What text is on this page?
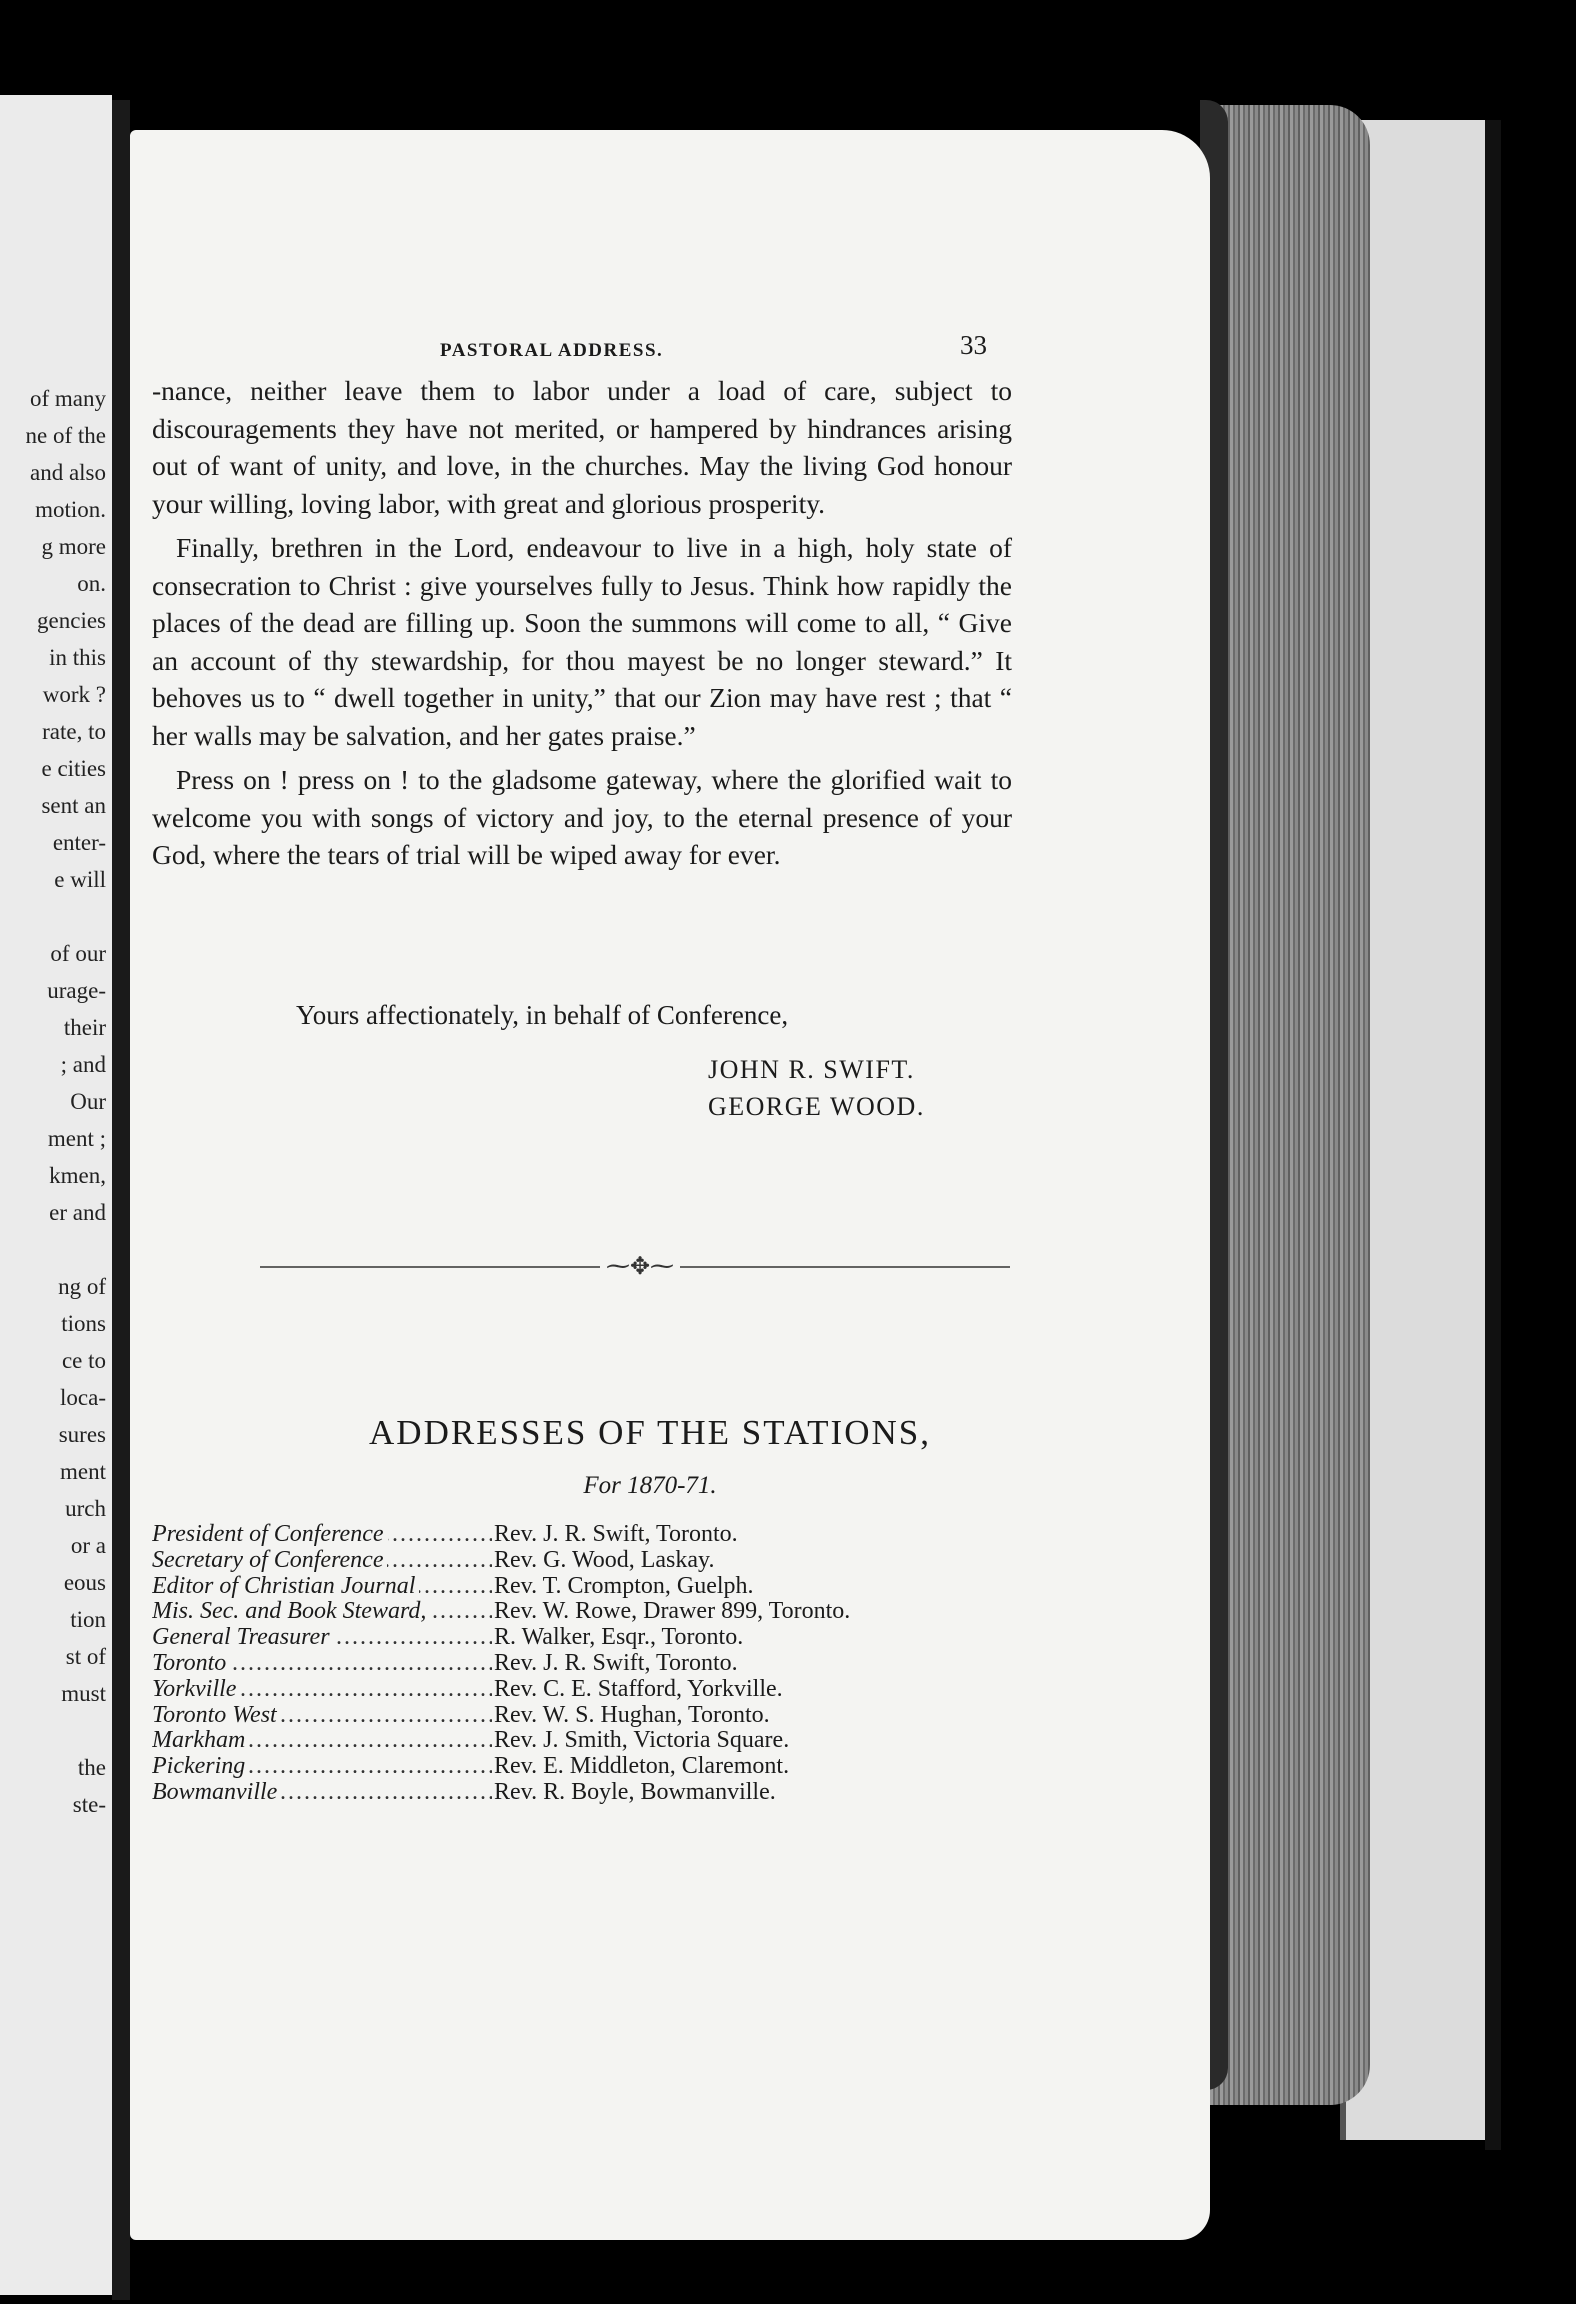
of many
ne of the
and also
motion.
g more
on.
gencies
in this
work ?
rate, to
e cities
sent an
enter-
e will
of our
urage-
their
; and
Our
ment ;
kmen,
er and
ng of
tions
ce to
loca-
sures
ment
urch
or a
eous
tion
st of
must
the
ste-
PASTORAL ADDRESS.	33

-nance, neither leave them to labor under a load of care, subject to discouragements they have not merited, or hampered by hindrances arising out of want of unity, and love, in the churches. May the living God honour your willing, loving labor, with great and glorious prosperity.

Finally, brethren in the Lord, endeavour to live in a high, holy state of consecration to Christ : give yourselves fully to Jesus. Think how rapidly the places of the dead are filling up. Soon the summons will come to all, “ Give an account of thy stewardship, for thou mayest be no longer steward.” It behoves us to “ dwell together in unity,” that our Zion may have rest ; that “ her walls may be salvation, and her gates praise.”

Press on ! press on ! to the gladsome gateway, where the glorified wait to welcome you with songs of victory and joy, to the eternal presence of your God, where the tears of trial will be wiped away for ever.

Yours affectionately, in behalf of Conference,
JOHN R. SWIFT.
GEORGE WOOD.
⁓✥⁓
ADDRESSES OF THE STATIONS,
For 1870-71.
President of Conference .....	Rev. J. R. Swift, Toronto.
Secretary of Conference .....	Rev. G. Wood, Laskay.
Editor of Christian Journal .....	Rev. T. Crompton, Guelph.
Mis. Sec. and Book Steward, .....	Rev. W. Rowe, Drawer 899, Toronto.
General Treasurer .....	R. Walker, Esqr., Toronto.
Toronto .....	Rev. J. R. Swift, Toronto.
Yorkville .....	Rev. C. E. Stafford, Yorkville.
Toronto West .....	Rev. W. S. Hughan, Toronto.
Markham .....	Rev. J. Smith, Victoria Square.
Pickering .....	Rev. E. Middleton, Claremont.
Bowmanville .....	Rev. R. Boyle, Bowmanville.
